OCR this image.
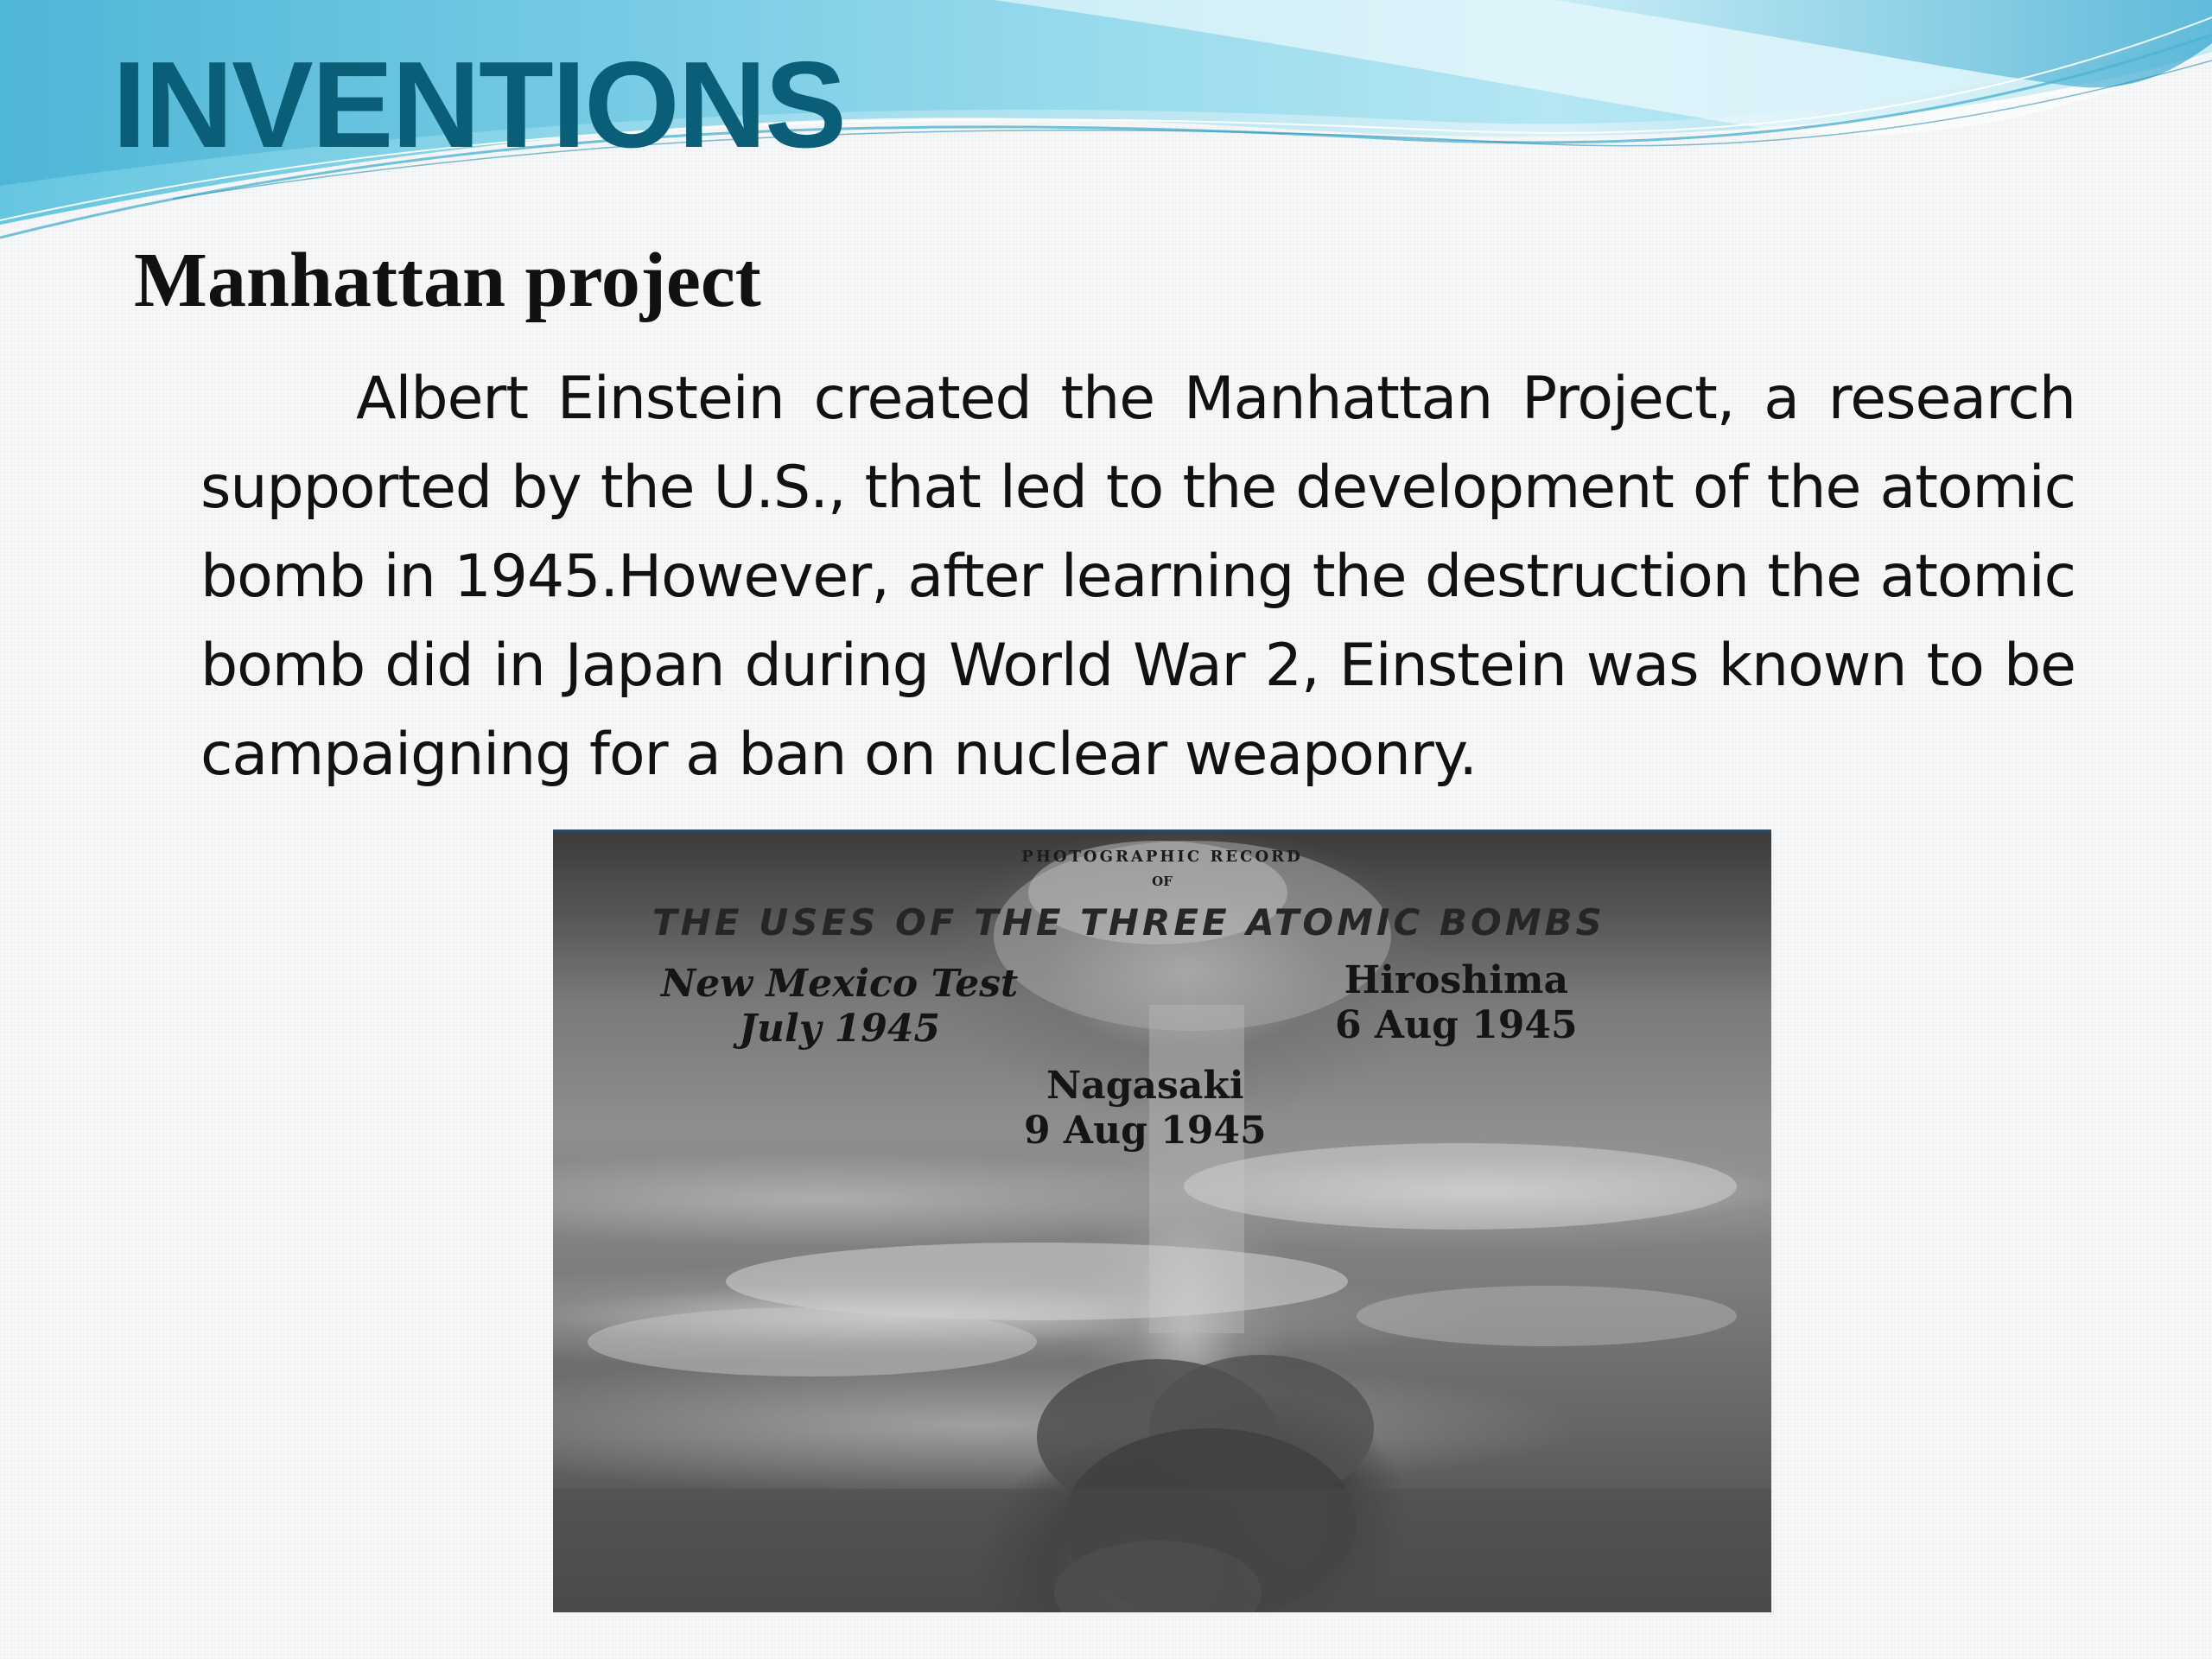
INVENTIONS
Manhattan project

Albert Einstein created the Manhattan Project, a research supported by the U.S., that led to the development of the atomic bomb in 1945.However, after learning the destruction the atomic bomb did in Japan during World War 2, Einstein was known to be campaigning for a ban on nuclear weaponry.

PHOTOGRAPHIC RECORD

OF

THE USES OF THE THREE ATOMIC BOMBS

New Mexico Test
July 1945
Hiroshima
6 Aug 1945
Nagasaki
9 Aug 1945
